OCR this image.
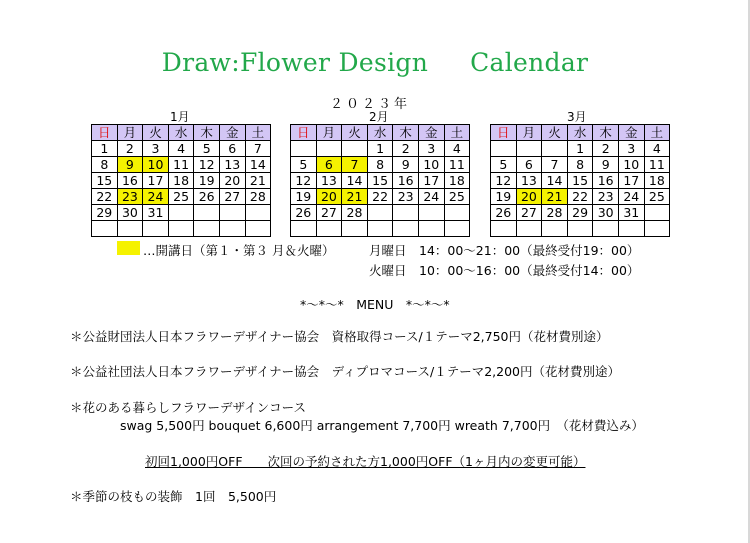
Draw:Flower Design Calendar
２０２３年
1月	2月	3月
日	月	火	水	木	金	土
1	2	3	4	5	6	7
8	9	10	11	12	13	14
15	16	17	18	19	20	21
22	23	24	25	26	27	28
29	30	31				

日	月	火	水	木	金	土
			1	2	3	4
5	6	7	8	9	10	11
12	13	14	15	16	17	18
19	20	21	22	23	24	25
26	27	28				

日	月	火	水	木	金	土
			1	2	3	4
5	6	7	8	9	10	11
12	13	14	15	16	17	18
19	20	21	22	23	24	25
26	27	28	29	30	31	

…開講日（第１・第３ 月＆火曜）	月曜日　14：00～21：00（最終受付19：00）
火曜日　10：00～16：00（最終受付14：00）
*～*～*　MENU　*～*～*
＊公益財団法人日本フラワーデザイナー協会　資格取得コース/１テーマ2,750円（花材費別途）
＊公益社団法人日本フラワーデザイナー協会　ディプロマコース/１テーマ2,200円（花材費別途）
＊花のある暮らしフラワーデザインコース
swag 5,500円 bouquet 6,600円 arrangement 7,700円 wreath 7,700円　（花材費込み）
初回1,000円OFF　　次回の予約された方1,000円OFF（1ヶ月内の変更可能）
＊季節の枝もの装飾　1回　5,500円
